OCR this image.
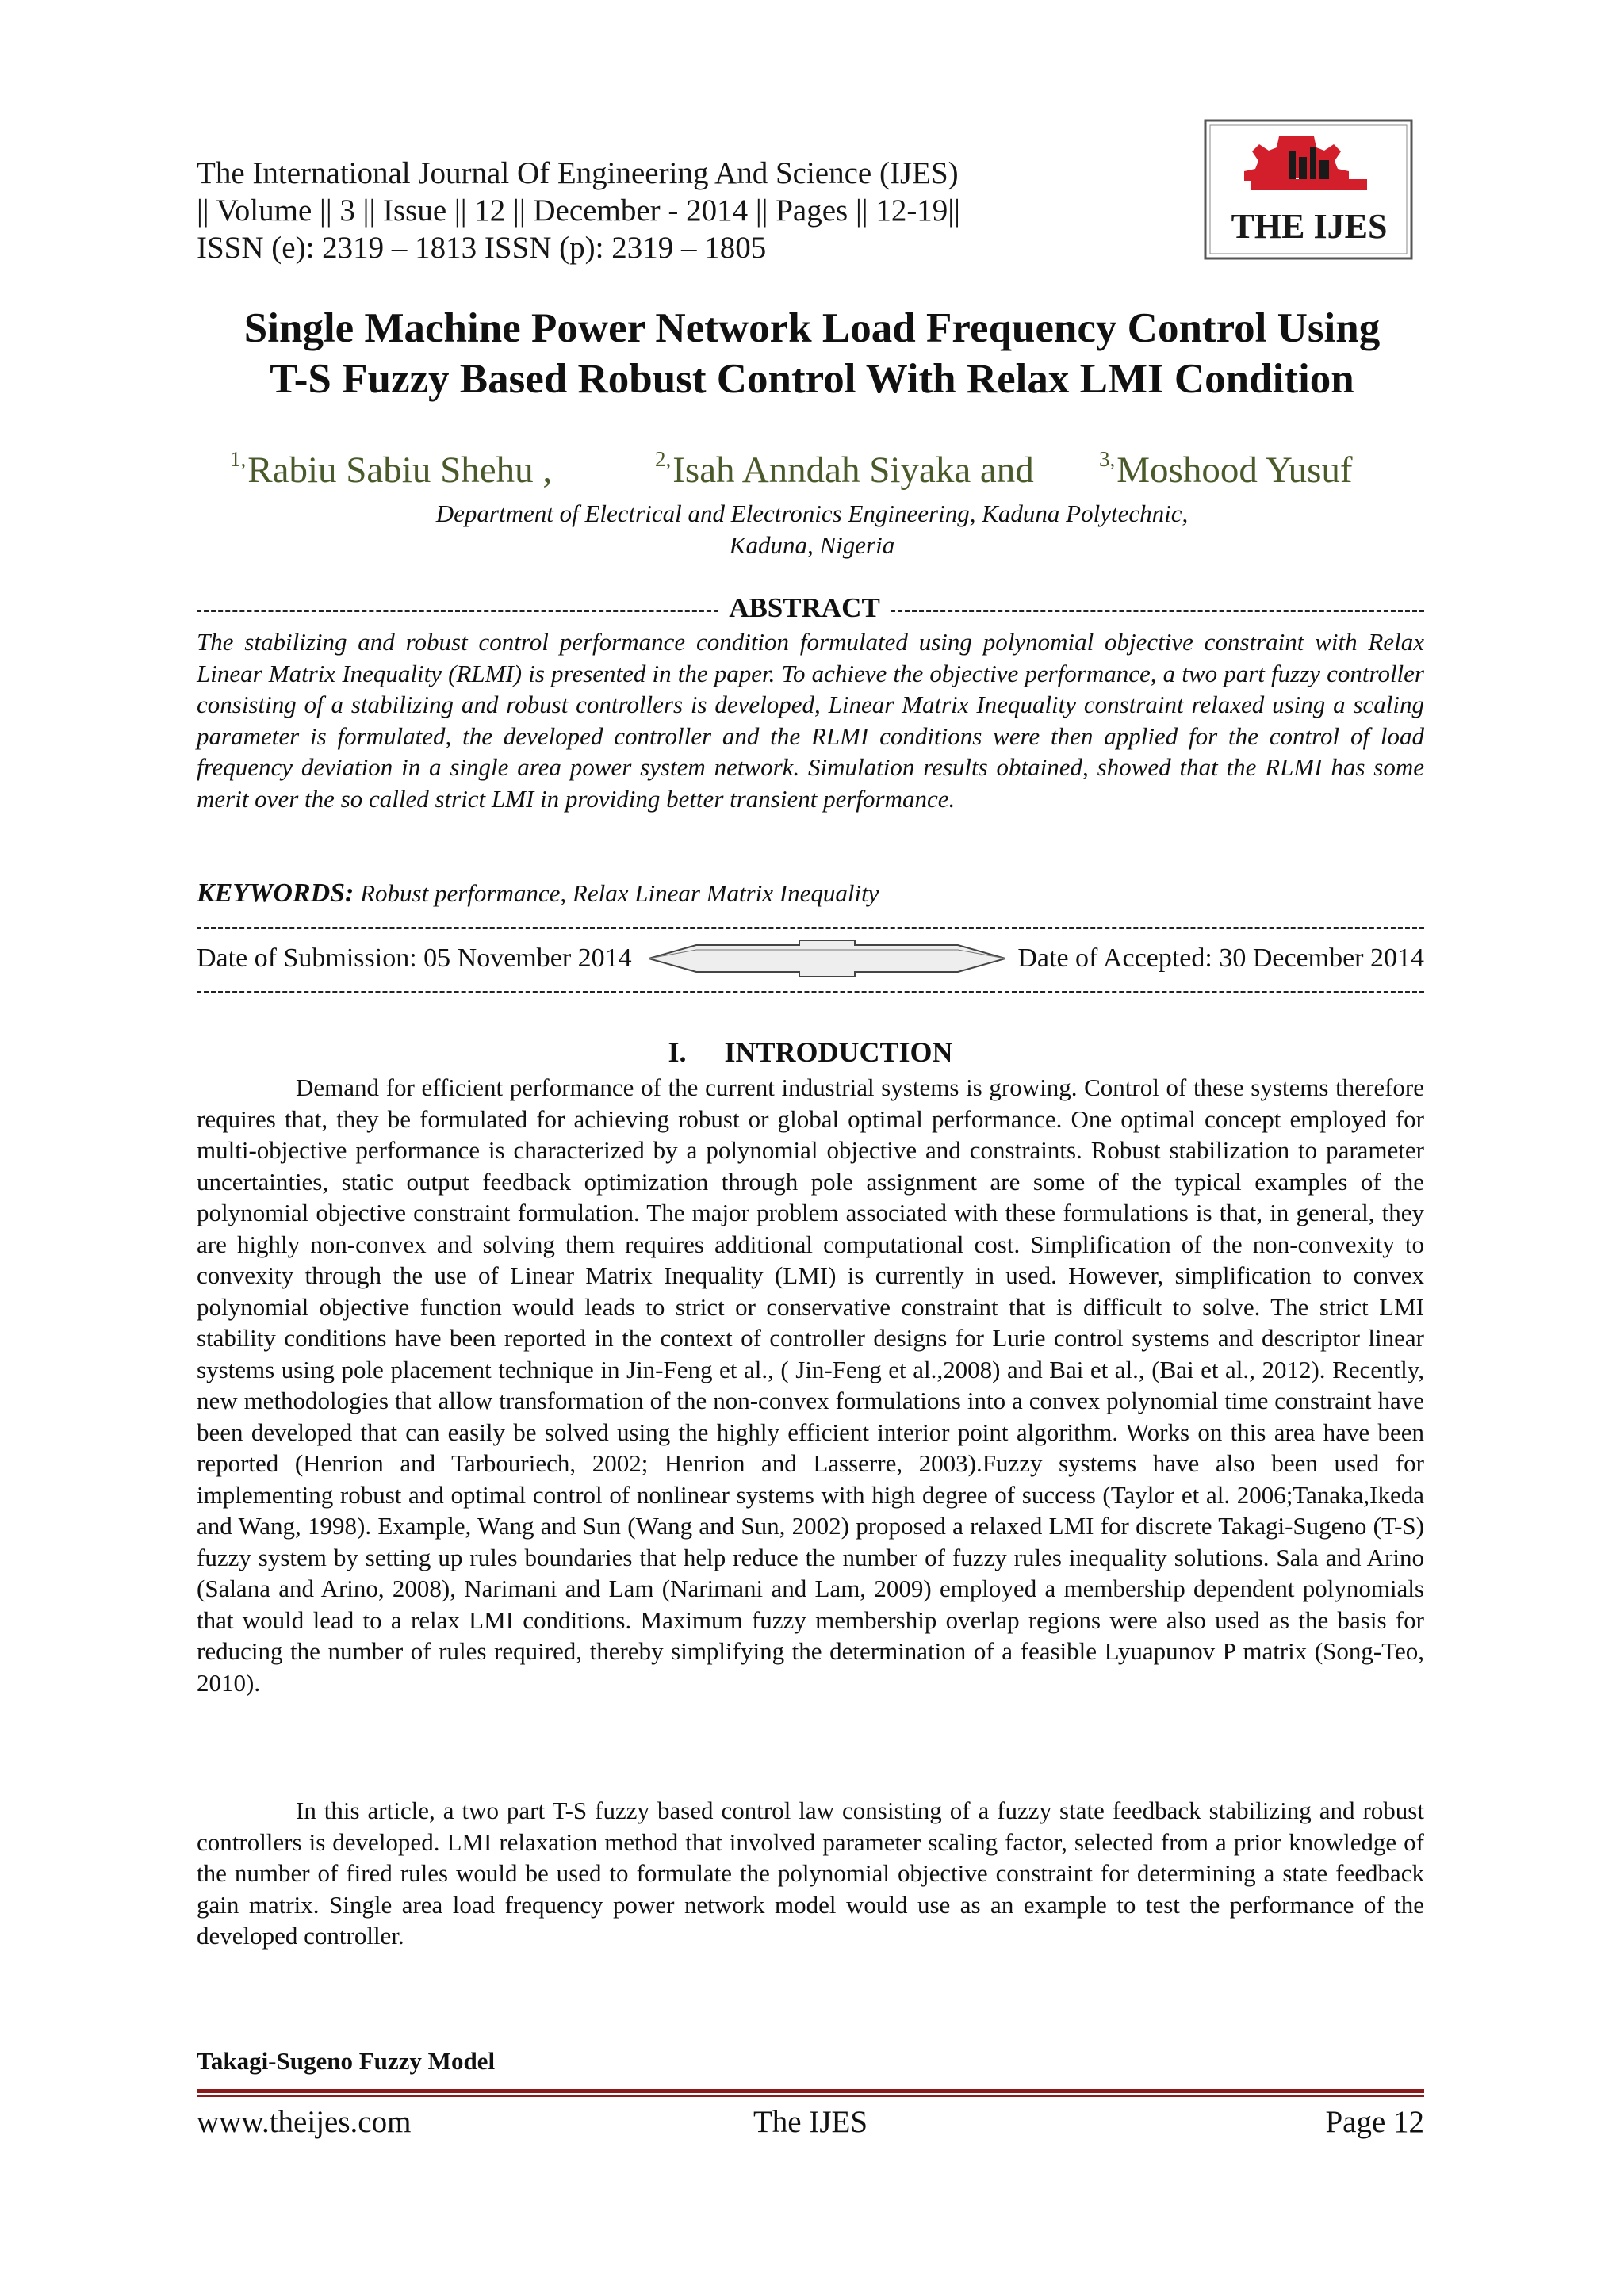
The International Journal Of Engineering And Science (IJES)
|| Volume || 3 || Issue || 12 || December - 2014 || Pages || 12-19||
ISSN (e): 2319 – 1813 ISSN (p): 2319 – 1805
THE IJES
Single Machine Power Network Load Frequency Control Using
T-S Fuzzy Based Robust Control With Relax LMI Condition
$^{1,}$Rabiu Sabiu Shehu ,	$^{2,}$Isah Anndah Siyaka and	$^{3,}$Moshood Yusuf
Department of Electrical and Electronics Engineering, Kaduna Polytechnic,
Kaduna, Nigeria
ABSTRACT
The stabilizing and robust control performance condition formulated using polynomial objective constraint with Relax Linear Matrix Inequality (RLMI) is presented in the paper. To achieve the objective performance, a two part fuzzy controller consisting of a stabilizing and robust controllers is developed, Linear Matrix Inequality constraint relaxed using a scaling parameter is formulated, the developed controller and the RLMI conditions were then applied for the control of load frequency deviation in a single area power system network. Simulation results obtained, showed that the RLMI has some merit over the so called strict LMI in providing better transient performance.
KEYWORDS: Robust performance, Relax Linear Matrix Inequality
Date of Submission: 05 November 2014	Date of Accepted: 30 December 2014
I. INTRODUCTION
Demand for efficient performance of the current industrial systems is growing. Control of these systems therefore requires that, they be formulated for achieving robust or global optimal performance. One optimal concept employed for multi-objective performance is characterized by a polynomial objective and constraints. Robust stabilization to parameter uncertainties, static output feedback optimization through pole assignment are some of the typical examples of the polynomial objective constraint formulation. The major problem associated with these formulations is that, in general, they are highly non-convex and solving them requires additional computational cost. Simplification of the non-convexity to convexity through the use of Linear Matrix Inequality (LMI) is currently in used. However, simplification to convex polynomial objective function would leads to strict or conservative constraint that is difficult to solve. The strict LMI stability conditions have been reported in the context of controller designs for Lurie control systems and descriptor linear systems using pole placement technique in Jin-Feng et al., ( Jin-Feng et al.,2008) and Bai et al., (Bai et al., 2012). Recently, new methodologies that allow transformation of the non-convex formulations into a convex polynomial time constraint have been developed that can easily be solved using the highly efficient interior point algorithm. Works on this area have been reported (Henrion and Tarbouriech, 2002; Henrion and Lasserre, 2003).Fuzzy systems have also been used for implementing robust and optimal control of nonlinear systems with high degree of success (Taylor et al. 2006;Tanaka,Ikeda and Wang, 1998). Example, Wang and Sun (Wang and Sun, 2002) proposed a relaxed LMI for discrete Takagi-Sugeno (T-S) fuzzy system by setting up rules boundaries that help reduce the number of fuzzy rules inequality solutions. Sala and Arino (Salana and Arino, 2008), Narimani and Lam (Narimani and Lam, 2009) employed a membership dependent polynomials that would lead to a relax LMI conditions. Maximum fuzzy membership overlap regions were also used as the basis for reducing the number of rules required, thereby simplifying the determination of a feasible Lyuapunov P matrix (Song-Teo, 2010).
In this article, a two part T-S fuzzy based control law consisting of a fuzzy state feedback stabilizing and robust controllers is developed. LMI relaxation method that involved parameter scaling factor, selected from a prior knowledge of the number of fired rules would be used to formulate the polynomial objective constraint for determining a state feedback gain matrix. Single area load frequency power network model would use as an example to test the performance of the developed controller.
Takagi-Sugeno Fuzzy Model
www.theijes.com	The IJES	Page 12
